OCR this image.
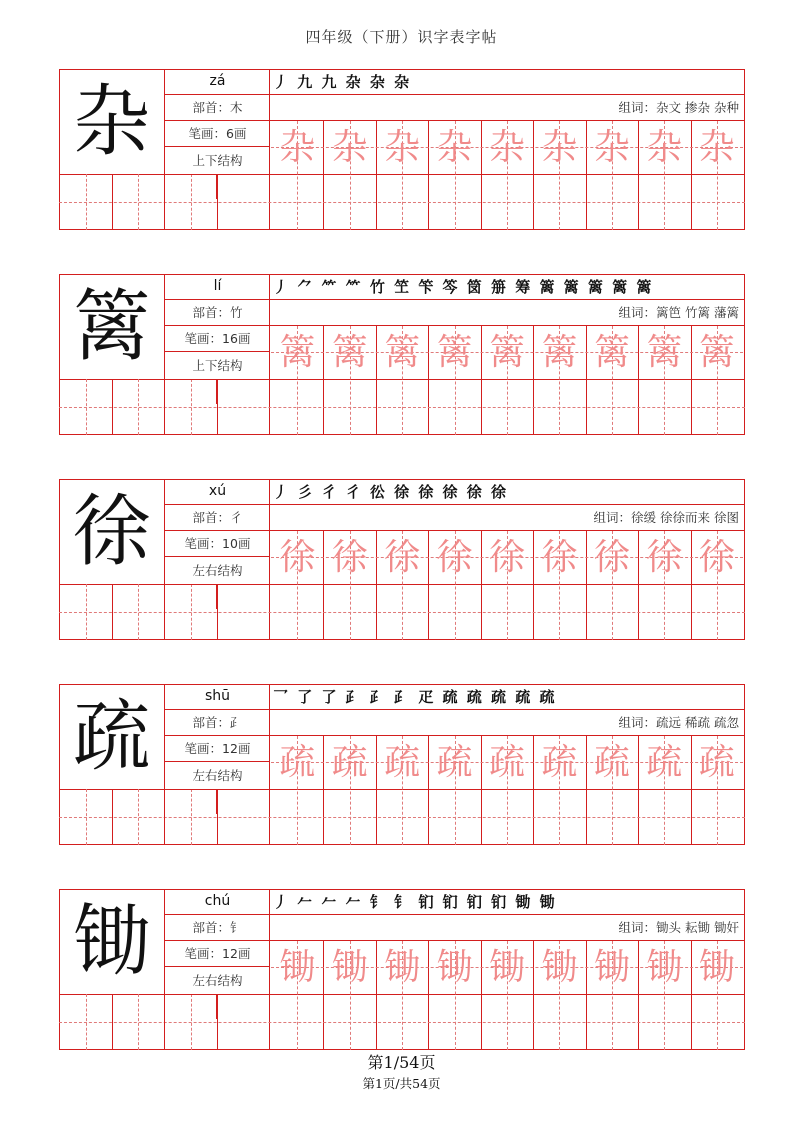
四年级（下册）识字表字帖
杂	zá
部首： 木
笔画： 6画
上下结构
丿 九 九 杂 杂 杂
组词：杂文 掺杂 杂种
杂 杂 杂 杂 杂 杂 杂 杂 杂
篱	lí
部首： 竹
笔画： 16画
上下结构
丿 ⺈ ⺮ ⺮ 竹 笁 笇 笒 笝 笧 筹 篱 篱 篱 篱 篱
组词：篱笆 竹篱 藩篱
篱 篱 篱 篱 篱 篱 篱 篱 篱
徐	xú
部首： 彳
笔画： 10画
左右结构
丿 彡 彳 彳 彸 徐 徐 徐 徐 徐
组词：徐缓 徐徐而来 徐图
徐 徐 徐 徐 徐 徐 徐 徐 徐
疏	shū
部首： ⺪
笔画： 12画
左右结构
乛 了 了 ⺪ ⺪ ⺪ 疋 疏 疏 疏 疏 疏
组词：疏远 稀疏 疏忽
疏 疏 疏 疏 疏 疏 疏 疏 疏
锄	chú
部首： 钅
笔画： 12画
左右结构
丿 𠂉 𠂉 𠂉 钅 钅 钔 钔 钔 钔 锄 锄
组词：锄头 耘锄 锄奸
锄 锄 锄 锄 锄 锄 锄 锄 锄
第1/54页
第1页/共54页
